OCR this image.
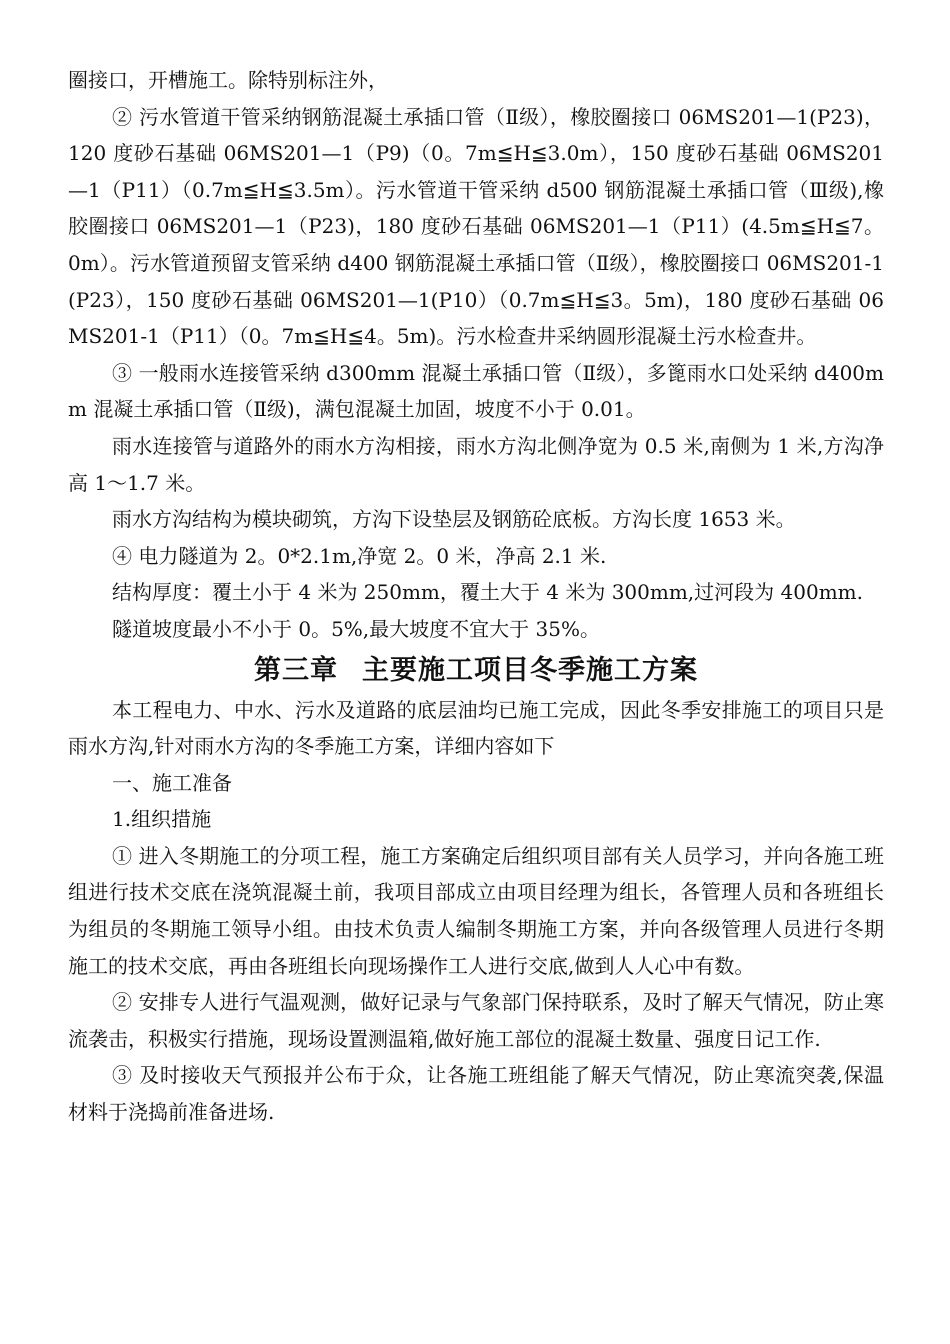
圈接口，开槽施工。除特别标注外，

② 污水管道干管采纳钢筋混凝土承插口管（Ⅱ级），橡胶圈接口 06MS201—1(P23)，120 度砂石基础 06MS201—1（P9)（0。7m≦H≦3.0m），150 度砂石基础 06MS201—1（P11）（0.7m≦H≦3.5m）。污水管道干管采纳 d500 钢筋混凝土承插口管（Ⅲ级),橡胶圈接口 06MS201—1（P23)，180 度砂石基础 06MS201—1（P11）(4.5m≦H≦7。0m）。污水管道预留支管采纳 d400 钢筋混凝土承插口管（Ⅱ级），橡胶圈接口 06MS201-1(P23），150 度砂石基础 06MS201—1(P10）（0.7m≦H≦3。5m)，180 度砂石基础 06MS201-1（P11）（0。7m≦H≦4。5m)。污水检查井采纳圆形混凝土污水检查井。

③ 一般雨水连接管采纳 d300mm 混凝土承插口管（Ⅱ级），多篦雨水口处采纳 d400mm 混凝土承插口管（Ⅱ级)，满包混凝土加固，坡度不小于 0.01。

雨水连接管与道路外的雨水方沟相接，雨水方沟北侧净宽为 0.5 米,南侧为 1 米,方沟净高 1～1.7 米。

雨水方沟结构为模块砌筑，方沟下设垫层及钢筋砼底板。方沟长度 1653 米。

④ 电力隧道为 2。0*2.1m,净宽 2。0 米，净高 2.1 米.

结构厚度：覆土小于 4 米为 250mm，覆土大于 4 米为 300mm,过河段为 400mm.

隧道坡度最小不小于 0。5%,最大坡度不宜大于 35%。

第三章 主要施工项目冬季施工方案

本工程电力、中水、污水及道路的底层油均已施工完成，因此冬季安排施工的项目只是雨水方沟,针对雨水方沟的冬季施工方案，详细内容如下

一、施工准备

1.组织措施

① 进入冬期施工的分项工程，施工方案确定后组织项目部有关人员学习，并向各施工班组进行技术交底在浇筑混凝土前，我项目部成立由项目经理为组长，各管理人员和各班组长为组员的冬期施工领导小组。由技术负责人编制冬期施工方案，并向各级管理人员进行冬期施工的技术交底，再由各班组长向现场操作工人进行交底,做到人人心中有数。

② 安排专人进行气温观测，做好记录与气象部门保持联系，及时了解天气情况，防止寒流袭击，积极实行措施，现场设置测温箱,做好施工部位的混凝土数量、强度日记工作.

③ 及时接收天气预报并公布于众，让各施工班组能了解天气情况，防止寒流突袭,保温材料于浇捣前准备进场.
